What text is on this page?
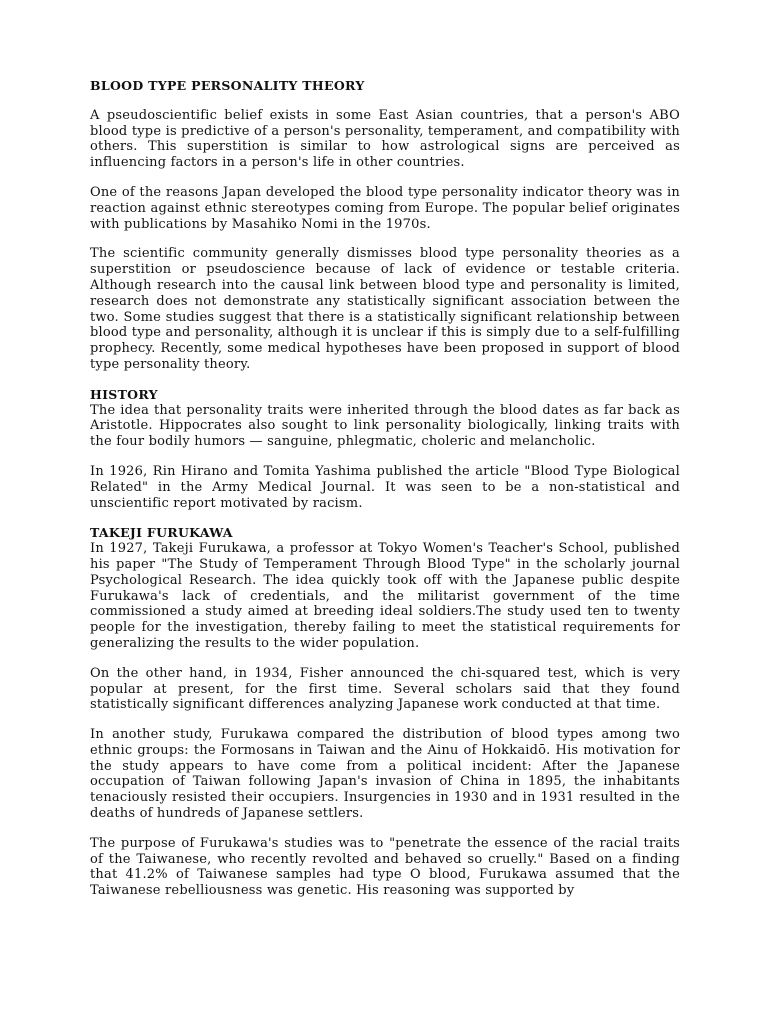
BLOOD TYPE PERSONALITY THEORY

A pseudoscientific belief exists in some East Asian countries, that a person's ABO blood type is predictive of a person's personality, temperament, and compatibility with others. This superstition is similar to how astrological signs are perceived as influencing factors in a person's life in other countries.

One of the reasons Japan developed the blood type personality indicator theory was in reaction against ethnic stereotypes coming from Europe. The popular belief originates with publications by Masahiko Nomi in the 1970s.

The scientific community generally dismisses blood type personality theories as a superstition or pseudoscience because of lack of evidence or testable criteria. Although research into the causal link between blood type and personality is limited, research does not demonstrate any statistically significant association between the two. Some studies suggest that there is a statistically significant relationship between blood type and personality, although it is unclear if this is simply due to a self-fulfilling prophecy. Recently, some medical hypotheses have been proposed in support of blood type personality theory.

HISTORY

The idea that personality traits were inherited through the blood dates as far back as Aristotle. Hippocrates also sought to link personality biologically, linking traits with the four bodily humors — sanguine, phlegmatic, choleric and melancholic.

In 1926, Rin Hirano and Tomita Yashima published the article "Blood Type Biological Related" in the Army Medical Journal. It was seen to be a non-statistical and unscientific report motivated by racism.

TAKEJI FURUKAWA

In 1927, Takeji Furukawa, a professor at Tokyo Women's Teacher's School, published his paper "The Study of Temperament Through Blood Type" in the scholarly journal Psychological Research. The idea quickly took off with the Japanese public despite Furukawa's lack of credentials, and the militarist government of the time commissioned a study aimed at breeding ideal soldiers.The study used ten to twenty people for the investigation, thereby failing to meet the statistical requirements for generalizing the results to the wider population.

On the other hand, in 1934, Fisher announced the chi-squared test, which is very popular at present, for the first time. Several scholars said that they found statistically significant differences analyzing Japanese work conducted at that time.

In another study, Furukawa compared the distribution of blood types among two ethnic groups: the Formosans in Taiwan and the Ainu of Hokkaidō. His motivation for the study appears to have come from a political incident: After the Japanese occupation of Taiwan following Japan's invasion of China in 1895, the inhabitants tenaciously resisted their occupiers. Insurgencies in 1930 and in 1931 resulted in the deaths of hundreds of Japanese settlers.

The purpose of Furukawa's studies was to "penetrate the essence of the racial traits of the Taiwanese, who recently revolted and behaved so cruelly." Based on a finding that 41.2% of Taiwanese samples had type O blood, Furukawa assumed that the Taiwanese rebelliousness was genetic. His reasoning was supported by
